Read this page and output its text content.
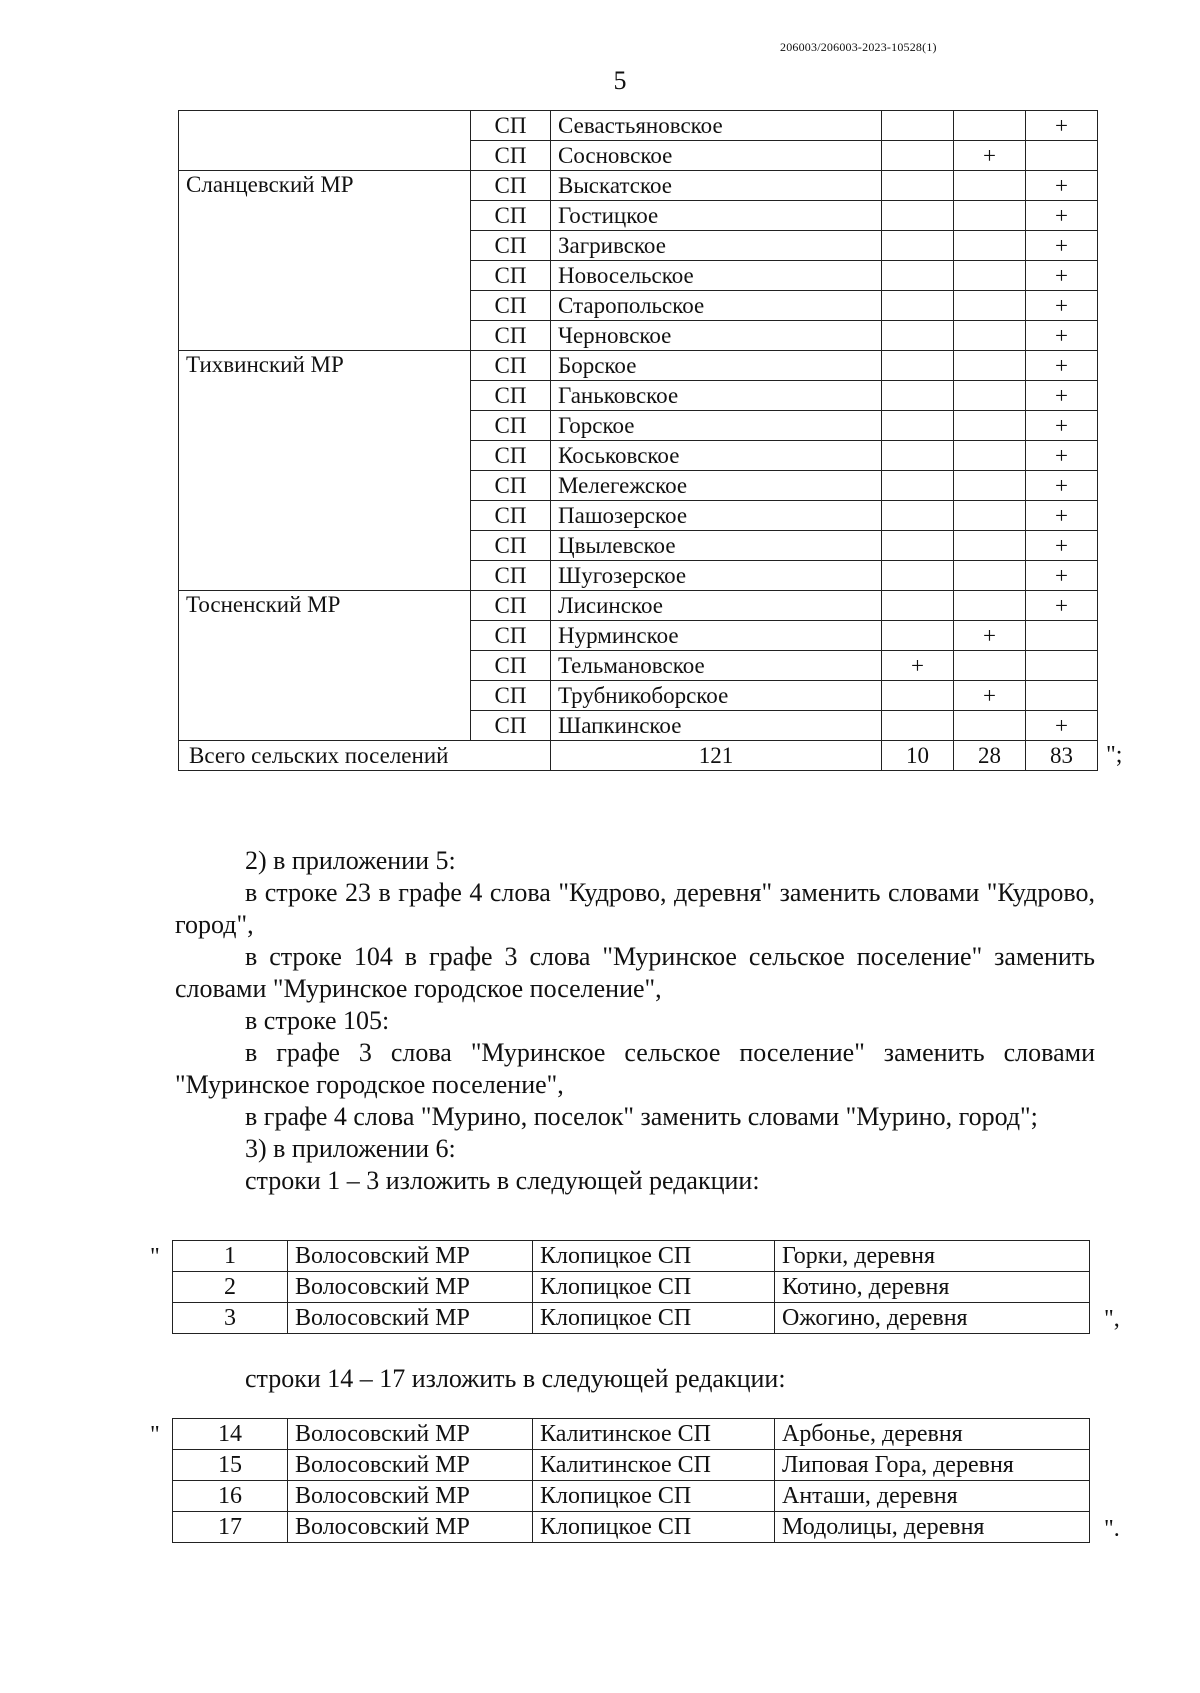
206003/206003-2023-10528(1)
5
	СП	Севастьяновское			+
	СП	Сосновское		+	
Сланцевский МР	СП	Выскатское			+
	СП	Гостицкое			+
	СП	Загривское			+
	СП	Новосельское			+
	СП	Старопольское			+
	СП	Черновское			+
Тихвинский МР	СП	Борское			+
	СП	Ганьковское			+
	СП	Горское			+
	СП	Коськовское			+
	СП	Мелегежское			+
	СП	Пашозерское			+
	СП	Цвылевское			+
	СП	Шугозерское			+
Тосненский МР	СП	Лисинское			+
	СП	Нурминское		+	
	СП	Тельмановское	+		
	СП	Трубникоборское		+	
	СП	Шапкинское			+
Всего сельских поселений		121	10	28	83 ";

2) в приложении 5:

в строке 23 в графе 4 слова "Кудрово, деревня" заменить словами "Кудрово, город",

в строке 104 в графе 3 слова "Муринское сельское поселение" заменить словами "Муринское городское поселение",

в строке 105:

в графе 3 слова "Муринское сельское поселение" заменить словами "Муринское городское поселение",

в графе 4 слова "Мурино, поселок" заменить словами "Мурино, город";

3) в приложении 6:

строки 1 – 3 изложить в следующей редакции:

"	1	Волосовский МР	Клопицкое СП	Горки, деревня
2	Волосовский МР	Клопицкое СП	Котино, деревня
3	Волосовский МР	Клопицкое СП	Ожогино, деревня	",
строки 14 – 17 изложить в следующей редакции:
" 14	Волосовский МР	Калитинское СП	Арбонье, деревня
15	Волосовский МР	Калитинское СП	Липовая Гора, деревня
16	Волосовский МР	Клопицкое СП	Анташи, деревня
17	Волосовский МР	Клопицкое СП	Модолицы, деревня	".
